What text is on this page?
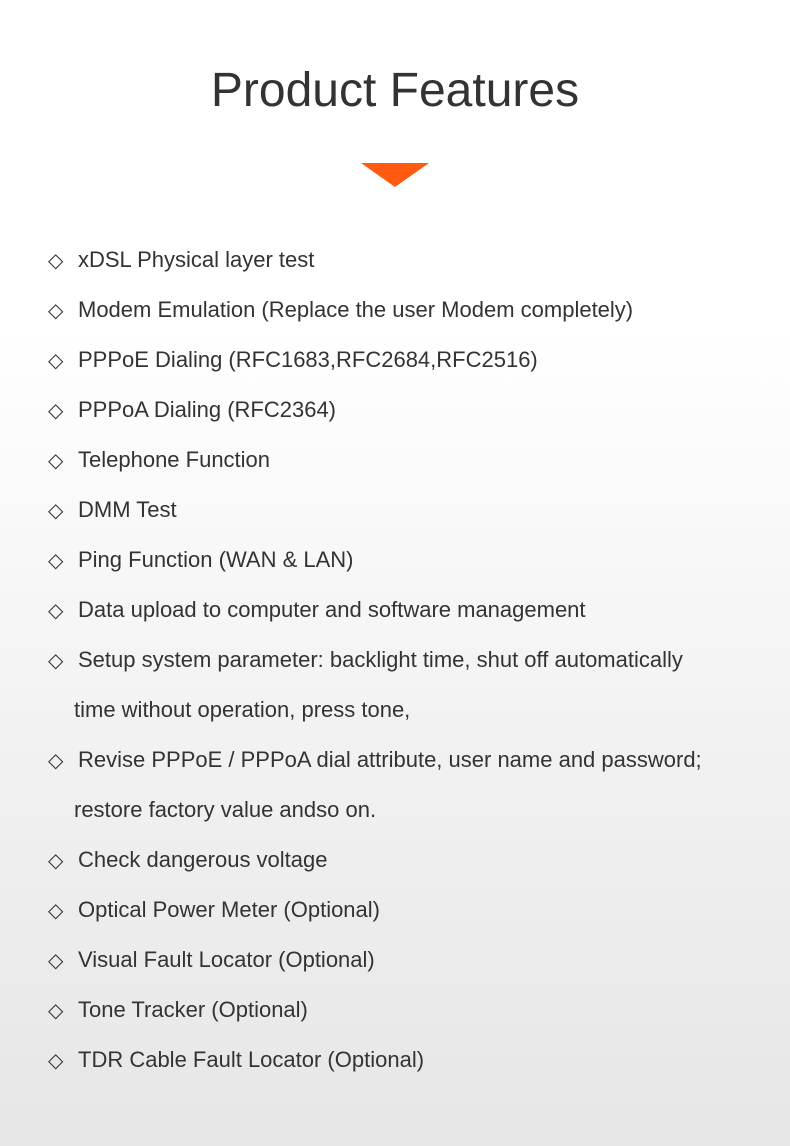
Product Features
◇ xDSL Physical layer test
◇ Modem Emulation (Replace the user Modem completely)
◇ PPPoE Dialing (RFC1683,RFC2684,RFC2516)
◇ PPPoA Dialing (RFC2364)
◇ Telephone Function
◇ DMM Test
◇ Ping Function (WAN & LAN)
◇ Data upload to computer and software management
◇ Setup system parameter: backlight time, shut off automatically
time without operation, press tone,
◇ Revise PPPoE / PPPoA dial attribute, user name and password;
restore factory value andso on.
◇ Check dangerous voltage
◇ Optical Power Meter (Optional)
◇ Visual Fault Locator (Optional)
◇ Tone Tracker (Optional)
◇ TDR Cable Fault Locator (Optional)
